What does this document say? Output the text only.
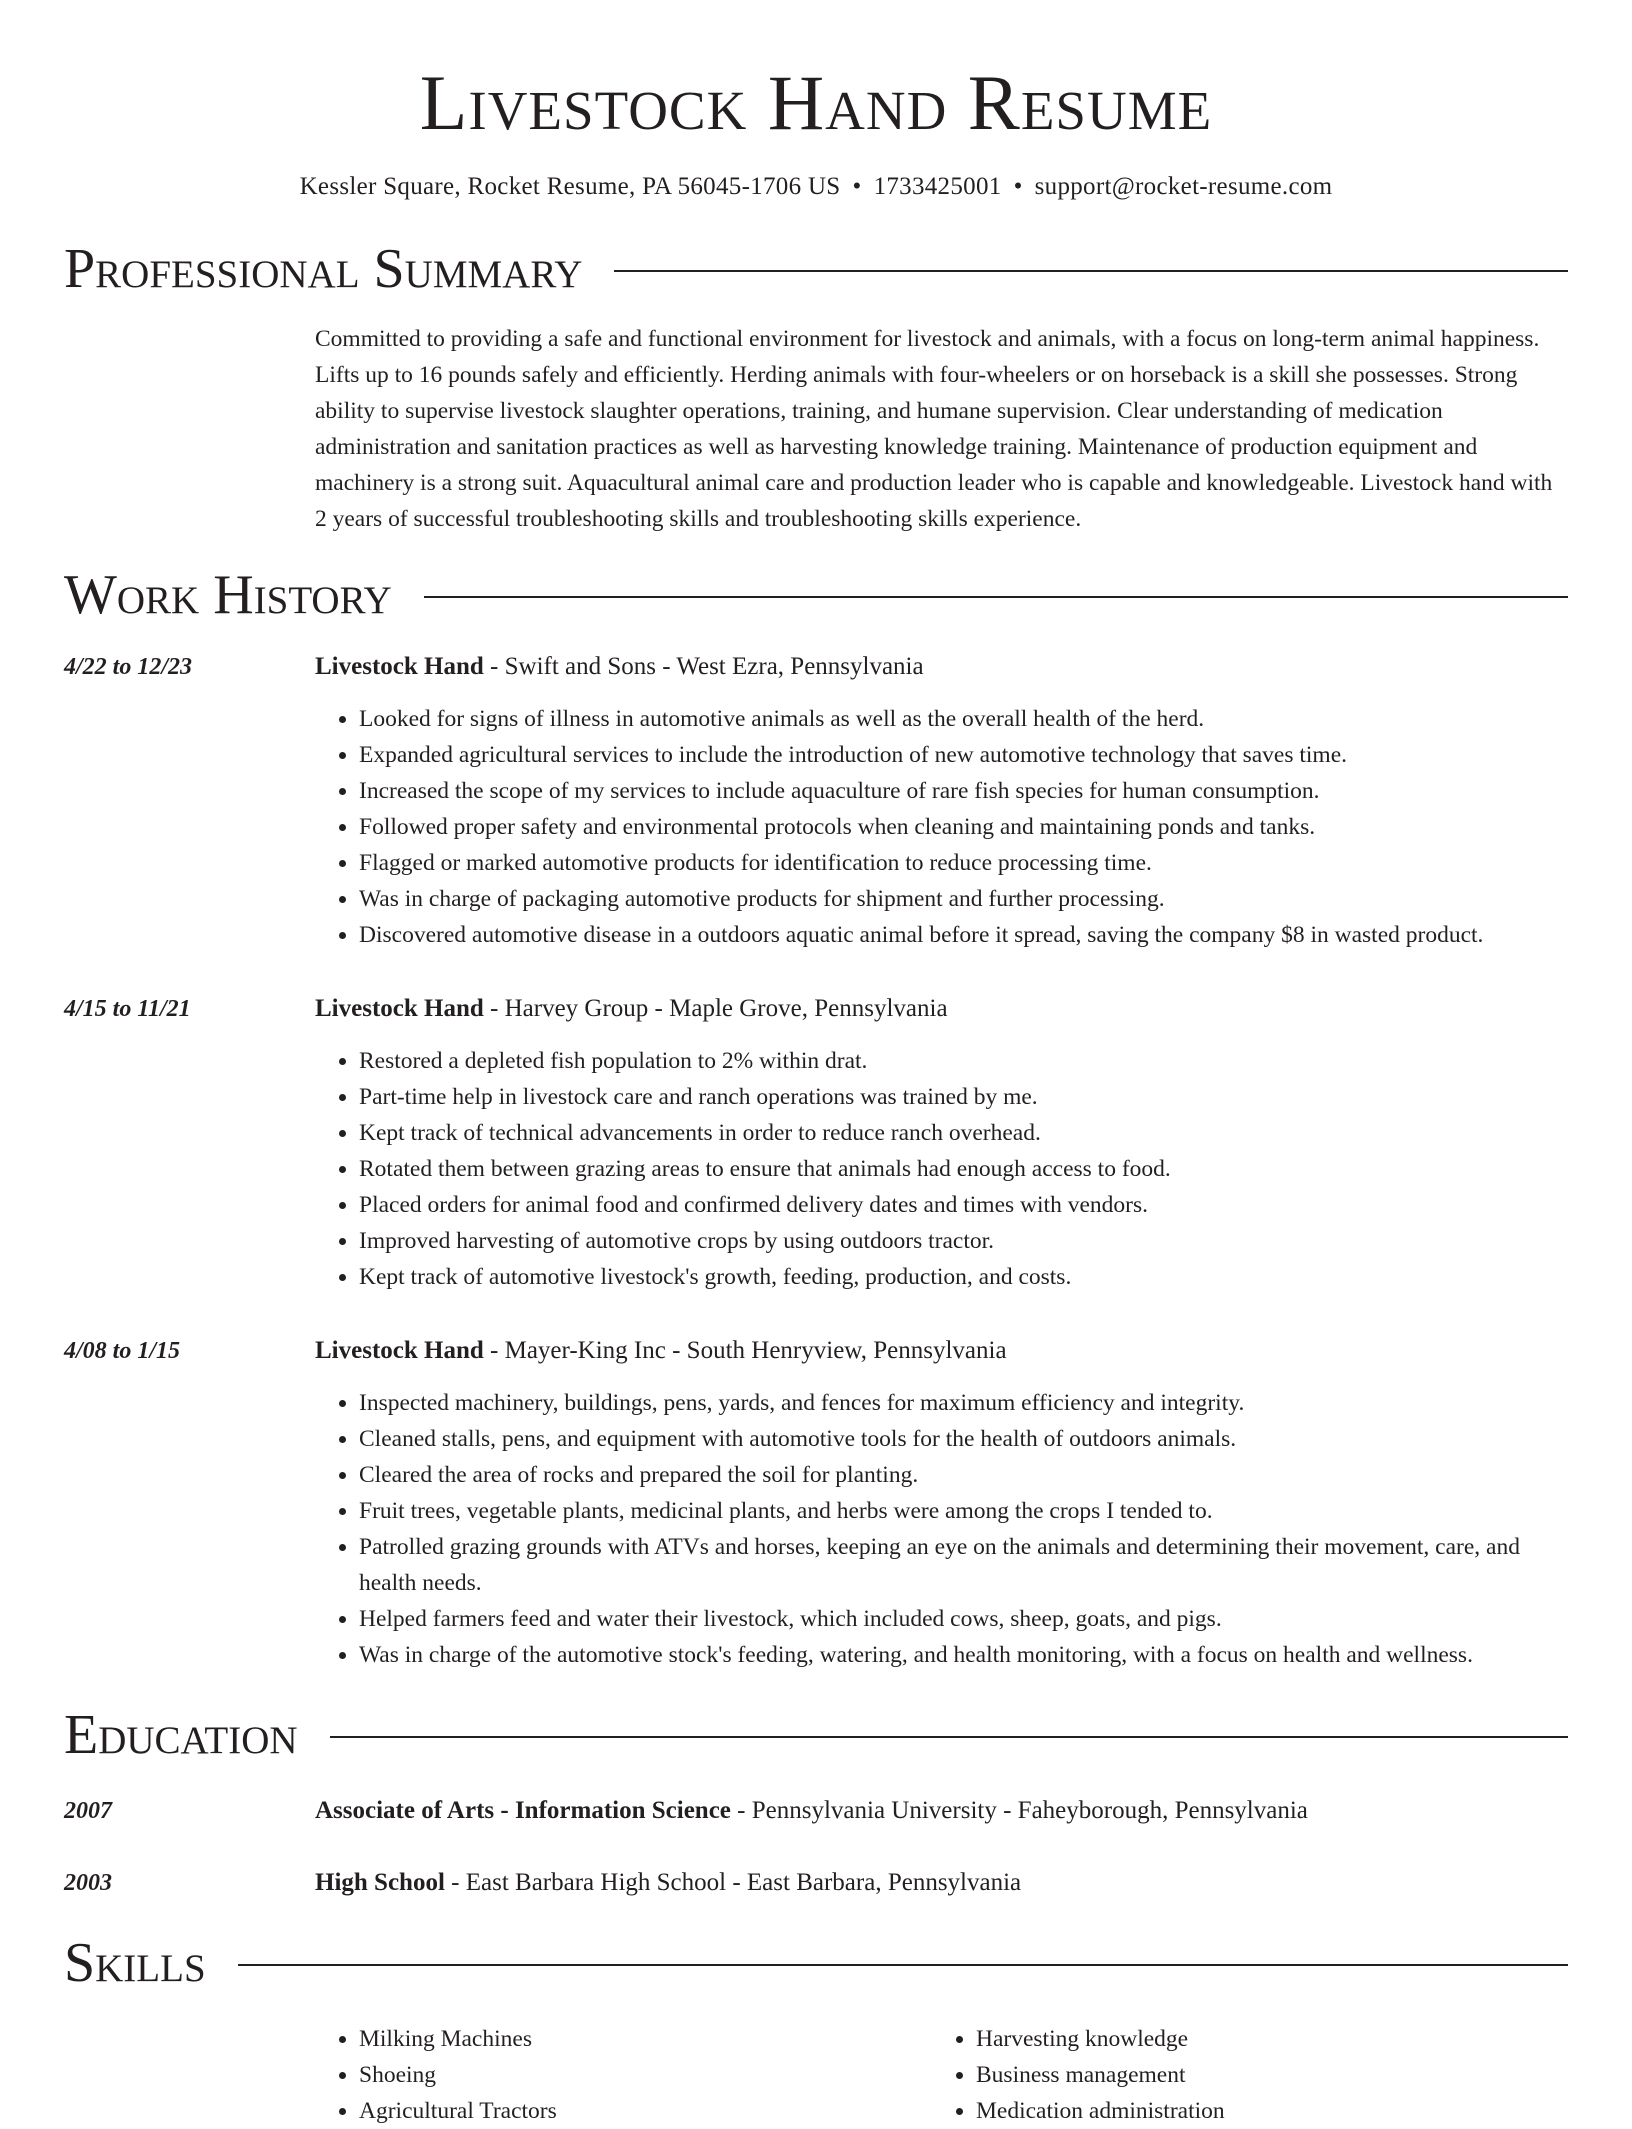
Livestock Hand Resume
Kessler Square, Rocket Resume, PA 56045-1706 US • 1733425001 • support@rocket-resume.com
Professional Summary

Committed to providing a safe and functional environment for livestock and animals, with a focus on long-term animal happiness. Lifts up to 16 pounds safely and efficiently. Herding animals with four-wheelers or on horseback is a skill she possesses. Strong ability to supervise livestock slaughter operations, training, and humane supervision. Clear understanding of medication administration and sanitation practices as well as harvesting knowledge training. Maintenance of production equipment and machinery is a strong suit. Aquacultural animal care and production leader who is capable and knowledgeable. Livestock hand with 2 years of successful troubleshooting skills and troubleshooting skills experience.

Work History
4/22 to 12/23	Livestock Hand - Swift and Sons - West Ezra, Pennsylvania
• Looked for signs of illness in automotive animals as well as the overall health of the herd.
• Expanded agricultural services to include the introduction of new automotive technology that saves time.
• Increased the scope of my services to include aquaculture of rare fish species for human consumption.
• Followed proper safety and environmental protocols when cleaning and maintaining ponds and tanks.
• Flagged or marked automotive products for identification to reduce processing time.
• Was in charge of packaging automotive products for shipment and further processing.
• Discovered automotive disease in a outdoors aquatic animal before it spread, saving the company $8 in wasted product.
4/15 to 11/21	Livestock Hand - Harvey Group - Maple Grove, Pennsylvania
• Restored a depleted fish population to 2% within drat.
• Part-time help in livestock care and ranch operations was trained by me.
• Kept track of technical advancements in order to reduce ranch overhead.
• Rotated them between grazing areas to ensure that animals had enough access to food.
• Placed orders for animal food and confirmed delivery dates and times with vendors.
• Improved harvesting of automotive crops by using outdoors tractor.
• Kept track of automotive livestock's growth, feeding, production, and costs.
4/08 to 1/15	Livestock Hand - Mayer-King Inc - South Henryview, Pennsylvania
• Inspected machinery, buildings, pens, yards, and fences for maximum efficiency and integrity.
• Cleaned stalls, pens, and equipment with automotive tools for the health of outdoors animals.
• Cleared the area of rocks and prepared the soil for planting.
• Fruit trees, vegetable plants, medicinal plants, and herbs were among the crops I tended to.
• Patrolled grazing grounds with ATVs and horses, keeping an eye on the animals and determining their movement, care, and health needs.
• Helped farmers feed and water their livestock, which included cows, sheep, goats, and pigs.
• Was in charge of the automotive stock's feeding, watering, and health monitoring, with a focus on health and wellness.
Education
2007	Associate of Arts - Information Science - Pennsylvania University - Faheyborough, Pennsylvania
2003	High School - East Barbara High School - East Barbara, Pennsylvania
Skills
• Milking Machines
• Shoeing
• Agricultural Tractors
• Harvesting knowledge
• Business management
• Medication administration
